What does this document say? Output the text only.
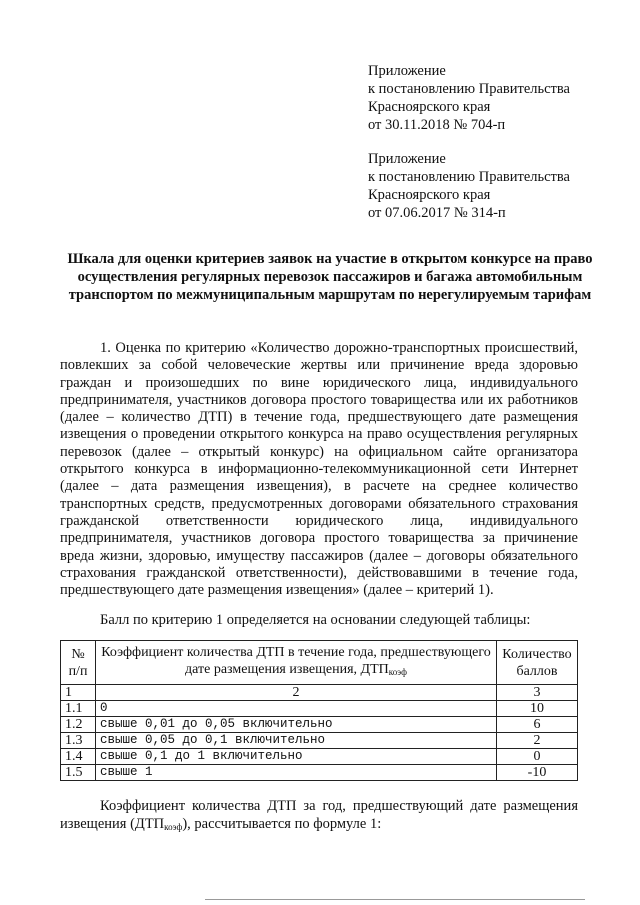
Приложение
к постановлению Правительства
Красноярского края
от 30.11.2018 № 704-п
Приложение
к постановлению Правительства
Красноярского края
от 07.06.2017 № 314-п
Шкала для оценки критериев заявок на участие в открытом конкурсе на право осуществления регулярных перевозок пассажиров и багажа автомобильным транспортом по межмуниципальным маршрутам по нерегулируемым тарифам
1. Оценка по критерию «Количество дорожно-транспортных происшествий, повлекших за собой человеческие жертвы или причинение вреда здоровью граждан и произошедших по вине юридического лица, индивидуального предпринимателя, участников договора простого товарищества или их работников (далее – количество ДТП) в течение года, предшествующего дате размещения извещения о проведении открытого конкурса на право осуществления регулярных перевозок (далее – открытый конкурс) на официальном сайте организатора открытого конкурса в информационно-телекоммуникационной сети Интернет (далее – дата размещения извещения), в расчете на среднее количество транспортных средств, предусмотренных договорами обязательного страхования гражданской ответственности юридического лица, индивидуального предпринимателя, участников договора простого товарищества за причинение вреда жизни, здоровью, имуществу пассажиров (далее – договоры обязательного страхования гражданской ответственности), действовавшими в течение года, предшествующего дате размещения извещения» (далее – критерий 1).
Балл по критерию 1 определяется на основании следующей таблицы:
№ п/п	Коэффициент количества ДТП в течение года, предшествующего дате размещения извещения, $ДТП_{коэф}$	Количество баллов
1	2	3
1.1	0	10
1.2	свыше 0,01 до 0,05 включительно	6
1.3	свыше 0,05 до 0,1 включительно	2
1.4	свыше 0,1 до 1 включительно	0
1.5	свыше 1	-10
Коэффициент количества ДТП за год, предшествующий дате размещения извещения $(ДТП_{коэф})$, рассчитывается по формуле 1:
